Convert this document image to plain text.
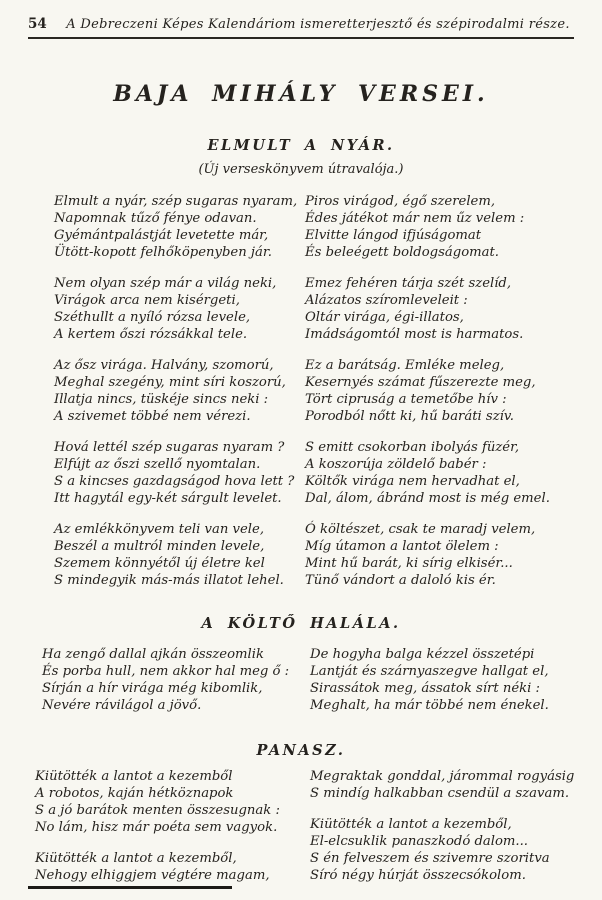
54	A Debreczeni Képes Kalendáriom ismeretterjesztő és szépirodalmi része.
BAJA MIHÁLY VERSEI.
ELMULT A NYÁR.
(Új verseskönyvem útravalója.)

Elmult a nyár, szép sugaras nyaram,
Napomnak tűző fénye odavan.
Gyémántpalástját levetette már,
Ütött-kopott felhőköpenyben jár.

Nem olyan szép már a világ neki,
Virágok arca nem kisérgeti,
Széthullt a nyíló rózsa levele,
A kertem őszi rózsákkal tele.

Az ősz virága. Halvány, szomorú,
Meghal szegény, mint síri koszorú,
Illatja nincs, tüskéje sincs neki :
A szivemet többé nem vérezi.

Hová lettél szép sugaras nyaram ?
Elfújt az őszi szellő nyomtalan.
S a kincses gazdagságod hova lett ?
Itt hagytál egy-két sárgult levelet.

Az emlékkönyvem teli van vele,
Beszél a multról minden levele,
Szemem könnyétől új életre kel
S mindegyik más-más illatot lehel.

Piros virágod, égő szerelem,
Édes játékot már nem űz velem :
Elvitte lángod ifjúságomat
És beleégett boldogságomat.

Emez fehéren tárja szét szelíd,
Alázatos szíromleveleit :
Oltár virága, égi-illatos,
Imádságomtól most is harmatos.

Ez a barátság. Emléke meleg,
Kesernyés számat fűszerezte meg,
Tört cipruság a temetőbe hív :
Porodból nőtt ki, hű baráti szív.

S emitt csokorban ibolyás füzér,
A koszorúja zöldelő babér :
Költők virága nem hervadhat el,
Dal, álom, ábránd most is még emel.

Ó költészet, csak te maradj velem,
Míg útamon a lantot ölelem :
Mint hű barát, ki sírig elkisér...
Tünő vándort a daloló kis ér.

A KÖLTŐ HALÁLA.

Ha zengő dallal ajkán összeomlik
És porba hull, nem akkor hal meg ő :
Sírján a hír virága még kibomlik,
Nevére rávilágol a jövő.

De hogyha balga kézzel összetépi
Lantját és szárnyaszegve hallgat el,
Sirassátok meg, ássatok sírt néki :
Meghalt, ha már többé nem énekel.

PANASZ.

Kiütötték a lantot a kezemből
A robotos, kaján hétköznapok
S a jó barátok menten összesugnak :
No lám, hisz már poéta sem vagyok.

Kiütötték a lantot a kezemből,
Nehogy elhiggjem végtére magam,

Megraktak gonddal, járommal rogyásig
S mindíg halkabban csendül a szavam.

Kiütötték a lantot a kezemből,
El-elcsuklik panaszkodó dalom...
S én felveszem és szivemre szoritva
Síró négy húrját összecsókolom.
